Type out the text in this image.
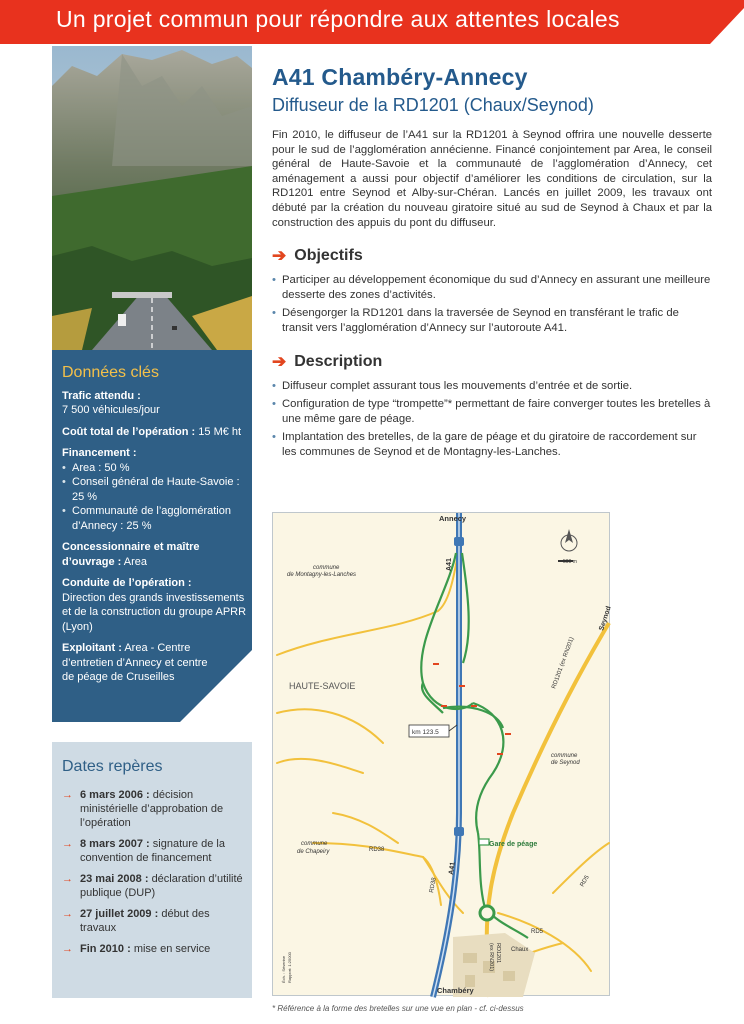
Un projet commun pour répondre aux attentes locales
Données clés
Trafic attendu :
7 500 véhicules/jour
Coût total de l’opération : 15 M€ ht
Financement :
• Area : 50 %
• Conseil général de Haute-Savoie : 25 %
• Communauté de l’agglomération d’Annecy : 25 %
Concessionnaire et maître d’ouvrage : Area
Conduite de l’opération :
Direction des grands investissements et de la construction du groupe APRR (Lyon)
Exploitant : Area - Centre d’entretien d’Annecy et centre de péage de Cruseilles
Dates repères
→ 6 mars 2006 : décision ministérielle d’approbation de l’opération
→ 8 mars 2007 : signature de la convention de financement
→ 23 mai 2008 : déclaration d’utilité publique (DUP)
→ 27 juillet 2009 : début des travaux
→ Fin 2010 : mise en service
A41 Chambéry-Annecy
Diffuseur de la RD1201 (Chaux/Seynod)

Fin 2010, le diffuseur de l’A41 sur la RD1201 à Seynod offrira une nouvelle desserte pour le sud de l’agglomération annécienne. Financé conjointement par Area, le conseil général de Haute-Savoie et la communauté de l’agglomération d’Annecy, cet aménagement a aussi pour objectif d’améliorer les conditions de circulation, sur la RD1201 entre Seynod et Alby-sur-Chéran. Lancés en juillet 2009, les travaux ont débuté par la création du nouveau giratoire situé au sud de Seynod à Chaux et par la construction des appuis du pont du diffuseur.

➔ Objectifs
• Participer au développement économique du sud d’Annecy en assurant une meilleure desserte des zones d’activités.
• Désengorger la RD1201 dans la traversée de Seynod en transférant le trafic de transit vers l’agglomération d’Annecy sur l’autoroute A41.
➔ Description
• Diffuseur complet assurant tous les mouvements d’entrée et de sortie.
• Configuration de type “trompette”* permettant de faire converger toutes les bretelles à une même gare de péage.
• Implantation des bretelles, de la gare de péage et du giratoire de raccordement sur les communes de Seynod et de Montagny-les-Lanches.
Annecy
A41	500 m
commune
de Montagny-les-Lanches
Seynod
HAUTE-SAVOIE	RD1201 (ex RN201)
km 123.5
commune
de Seynod
commune
de Chapeiry	RD38
RD38
A41
Gare de péage
RD5
RD5
Chaux
RD1201
(ex RN201)
Chambéry
Éch. : Séverine Rapport: 1:25000
* Référence à la forme des bretelles sur une vue en plan - cf. ci-dessus
